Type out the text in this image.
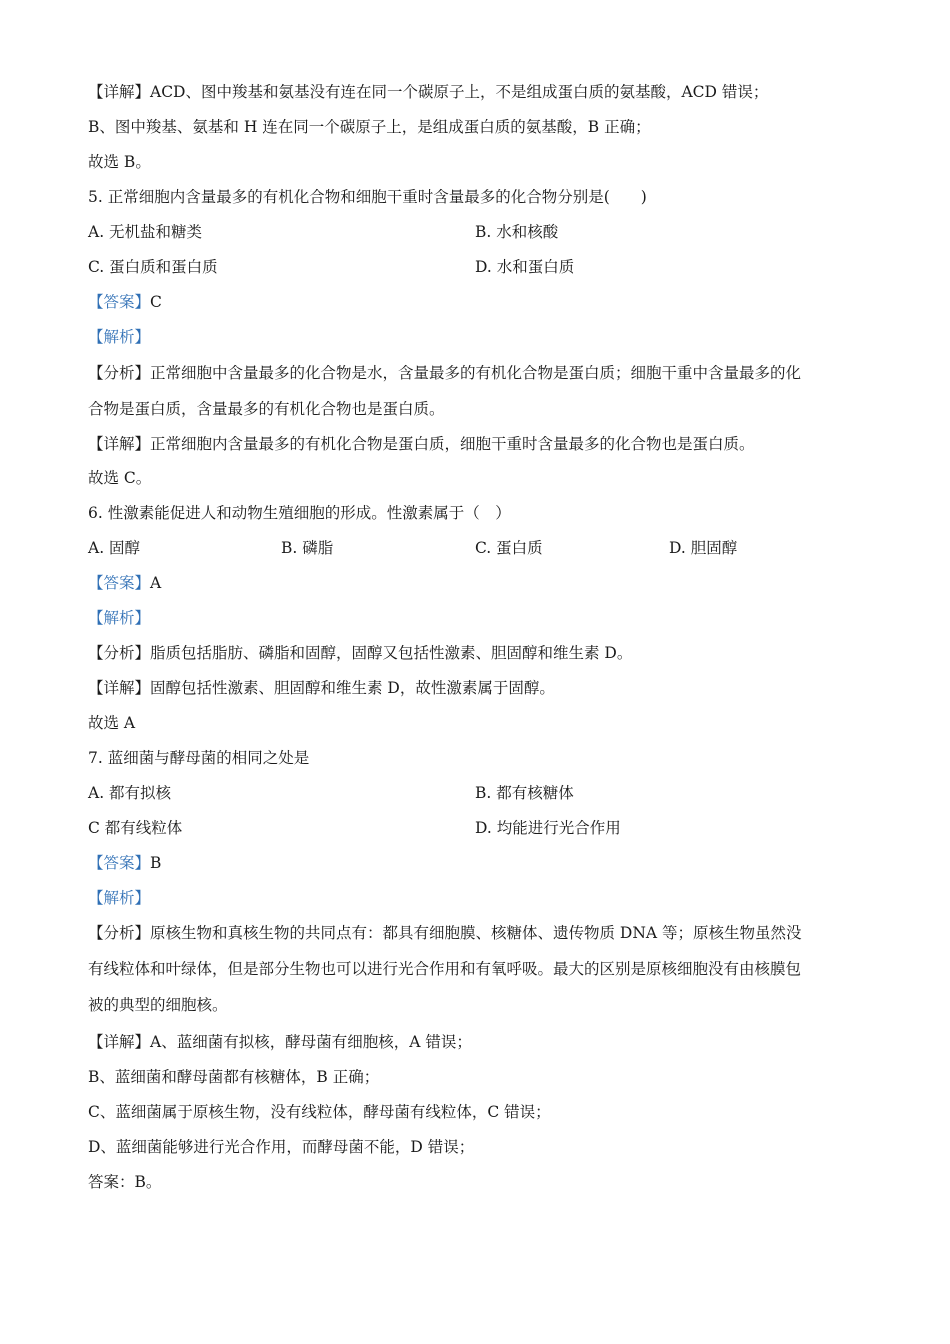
【详解】ACD、图中羧基和氨基没有连在同一个碳原子上，不是组成蛋白质的氨基酸，ACD 错误；
B、图中羧基、氨基和 H 连在同一个碳原子上，是组成蛋白质的氨基酸，B 正确；
故选 B。
5. 正常细胞内含量最多的有机化合物和细胞干重时含量最多的化合物分别是(　　)
A. 无机盐和糖类	B. 水和核酸
C. 蛋白质和蛋白质	D. 水和蛋白质
【答案】C
【解析】
【分析】正常细胞中含量最多的化合物是水，含量最多的有机化合物是蛋白质；细胞干重中含量最多的化
合物是蛋白质，含量最多的有机化合物也是蛋白质。
【详解】正常细胞内含量最多的有机化合物是蛋白质，细胞干重时含量最多的化合物也是蛋白质。
故选 C。
6. 性激素能促进人和动物生殖细胞的形成。性激素属于（　）
A. 固醇	B. 磷脂	C. 蛋白质	D. 胆固醇
【答案】A
【解析】
【分析】脂质包括脂肪、磷脂和固醇，固醇又包括性激素、胆固醇和维生素 D。
【详解】固醇包括性激素、胆固醇和维生素 D，故性激素属于固醇。
故选 A
7. 蓝细菌与酵母菌的相同之处是
A. 都有拟核	B. 都有核糖体
C 都有线粒体	D. 均能进行光合作用
【答案】B
【解析】
【分析】原核生物和真核生物的共同点有：都具有细胞膜、核糖体、遗传物质 DNA 等；原核生物虽然没
有线粒体和叶绿体，但是部分生物也可以进行光合作用和有氧呼吸。最大的区别是原核细胞没有由核膜包
被的典型的细胞核。
【详解】A、蓝细菌有拟核，酵母菌有细胞核，A 错误；
B、蓝细菌和酵母菌都有核糖体，B 正确；
C、蓝细菌属于原核生物，没有线粒体，酵母菌有线粒体，C 错误；
D、蓝细菌能够进行光合作用，而酵母菌不能，D 错误；
答案：B。
